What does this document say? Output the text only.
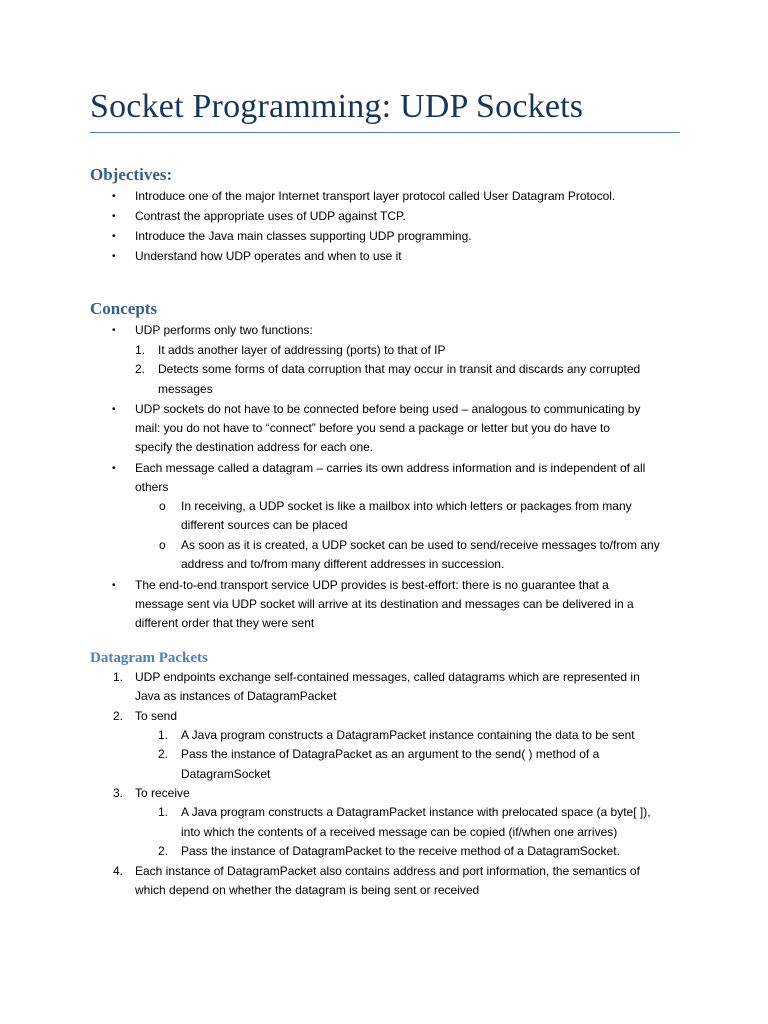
Socket Programming: UDP Sockets
Objectives:
• Introduce one of the major Internet transport layer protocol called User Datagram Protocol.
• Contrast the appropriate uses of UDP against TCP.
• Introduce the Java main classes supporting UDP programming.
• Understand how UDP operates and when to use it
Concepts
• UDP performs only two functions:
1. It adds another layer of addressing (ports) to that of IP
2. Detects some forms of data corruption that may occur in transit and discards any corrupted
messages
• UDP sockets do not have to be connected before being used – analogous to communicating by
mail: you do not have to “connect” before you send a package or letter but you do have to
specify the destination address for each one.
• Each message called a datagram – carries its own address information and is independent of all
others
o In receiving, a UDP socket is like a mailbox into which letters or packages from many
different sources can be placed
o As soon as it is created, a UDP socket can be used to send/receive messages to/from any
address and to/from many different addresses in succession.
• The end-to-end transport service UDP provides is best-effort: there is no guarantee that a
message sent via UDP socket will arrive at its destination and messages can be delivered in a
different order that they were sent
Datagram Packets
1. UDP endpoints exchange self-contained messages, called datagrams which are represented in
Java as instances of DatagramPacket
2. To send
1. A Java program constructs a DatagramPacket instance containing the data to be sent
2. Pass the instance of DatagraPacket as an argument to the send( ) method of a
DatagramSocket
3. To receive
1. A Java program constructs a DatagramPacket instance with prelocated space (a byte[ ]),
into which the contents of a received message can be copied (if/when one arrives)
2. Pass the instance of DatagramPacket to the receive method of a DatagramSocket.
4. Each instance of DatagramPacket also contains address and port information, the semantics of
which depend on whether the datagram is being sent or received
